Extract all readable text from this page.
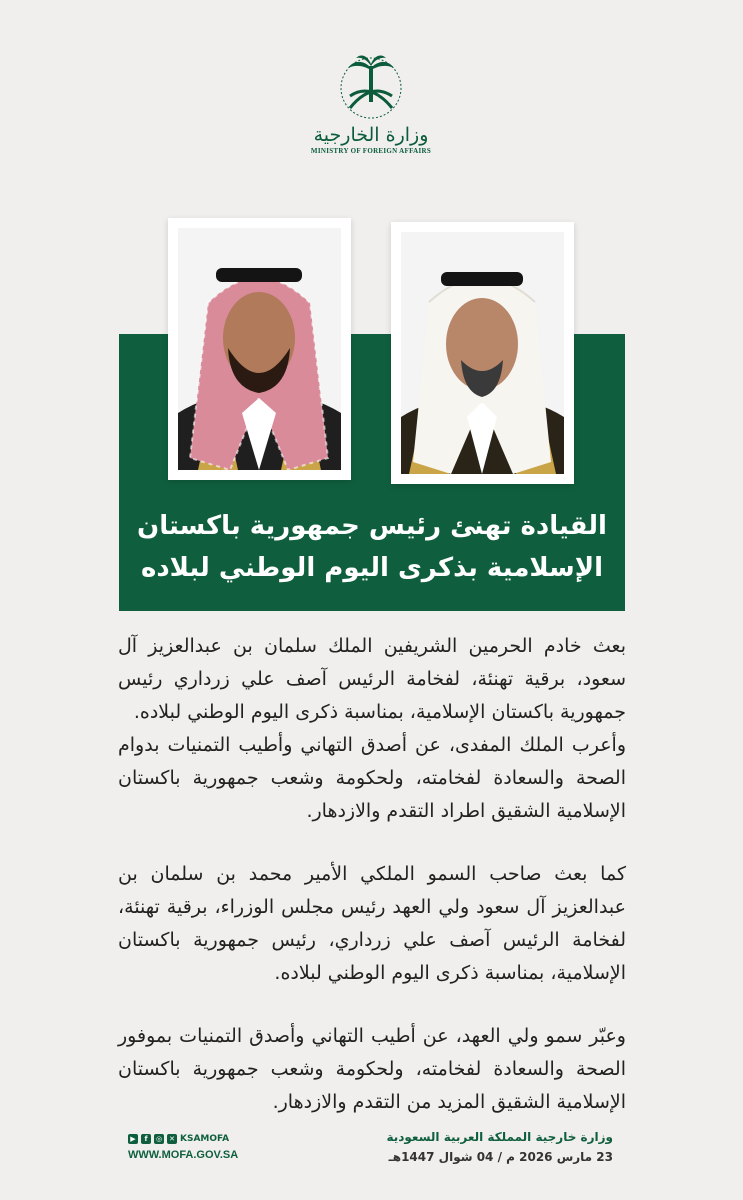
وزارة الخارجية
MINISTRY OF FOREIGN AFFAIRS
القيادة تهنئ رئيس جمهورية باكستان
الإسلامية بذكرى اليوم الوطني لبلاده

بعث خادم الحرمين الشريفين الملك سلمان بن عبدالعزيز آل سعود، برقية تهنئة، لفخامة الرئيس آصف علي زرداري رئيس جمهورية باكستان الإسلامية، بمناسبة ذكرى اليوم الوطني لبلاده.

وأعرب الملك المفدى، عن أصدق التهاني وأطيب التمنيات بدوام الصحة والسعادة لفخامته، ولحكومة وشعب جمهورية باكستان الإسلامية الشقيق اطراد التقدم والازدهار.

كما بعث صاحب السمو الملكي الأمير محمد بن سلمان بن عبدالعزيز آل سعود ولي العهد رئيس مجلس الوزراء، برقية تهنئة، لفخامة الرئيس آصف علي زرداري، رئيس جمهورية باكستان الإسلامية، بمناسبة ذكرى اليوم الوطني لبلاده.

وعبّر سمو ولي العهد، عن أطيب التهاني وأصدق التمنيات بموفور الصحة والسعادة لفخامته، ولحكومة وشعب جمهورية باكستان الإسلامية الشقيق المزيد من التقدم والازدهار.

▶	f	◎ ✕ KSAMOFA
WWW.MOFA.GOV.SA
وزارة خارجية المملكة العربية السعودية
23 مارس 2026 م / 04 شوال 1447هـ
